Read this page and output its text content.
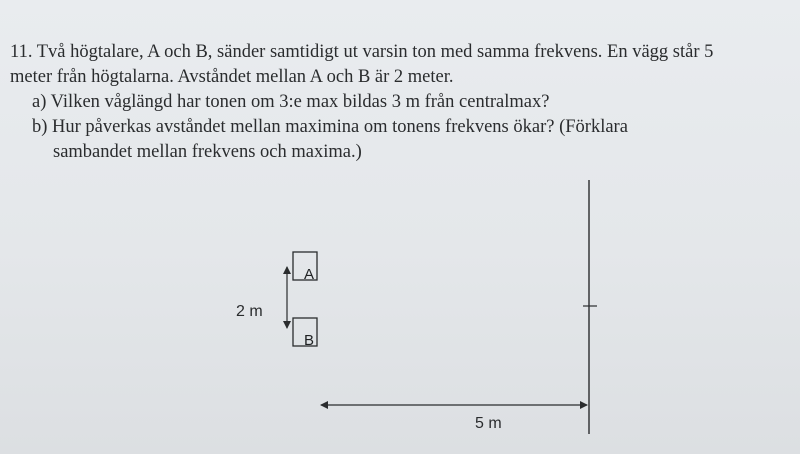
11. Två högtalare, A och B, sänder samtidigt ut varsin ton med samma frekvens. En vägg står 5
meter från högtalarna. Avståndet mellan A och B är 2 meter.
a) Vilken våglängd har tonen om 3:e max bildas 3 m från centralmax?
b) Hur påverkas avståndet mellan maximina om tonens frekvens ökar? (Förklara
sambandet mellan frekvens och maxima.)
A
B
2 m
5 m
